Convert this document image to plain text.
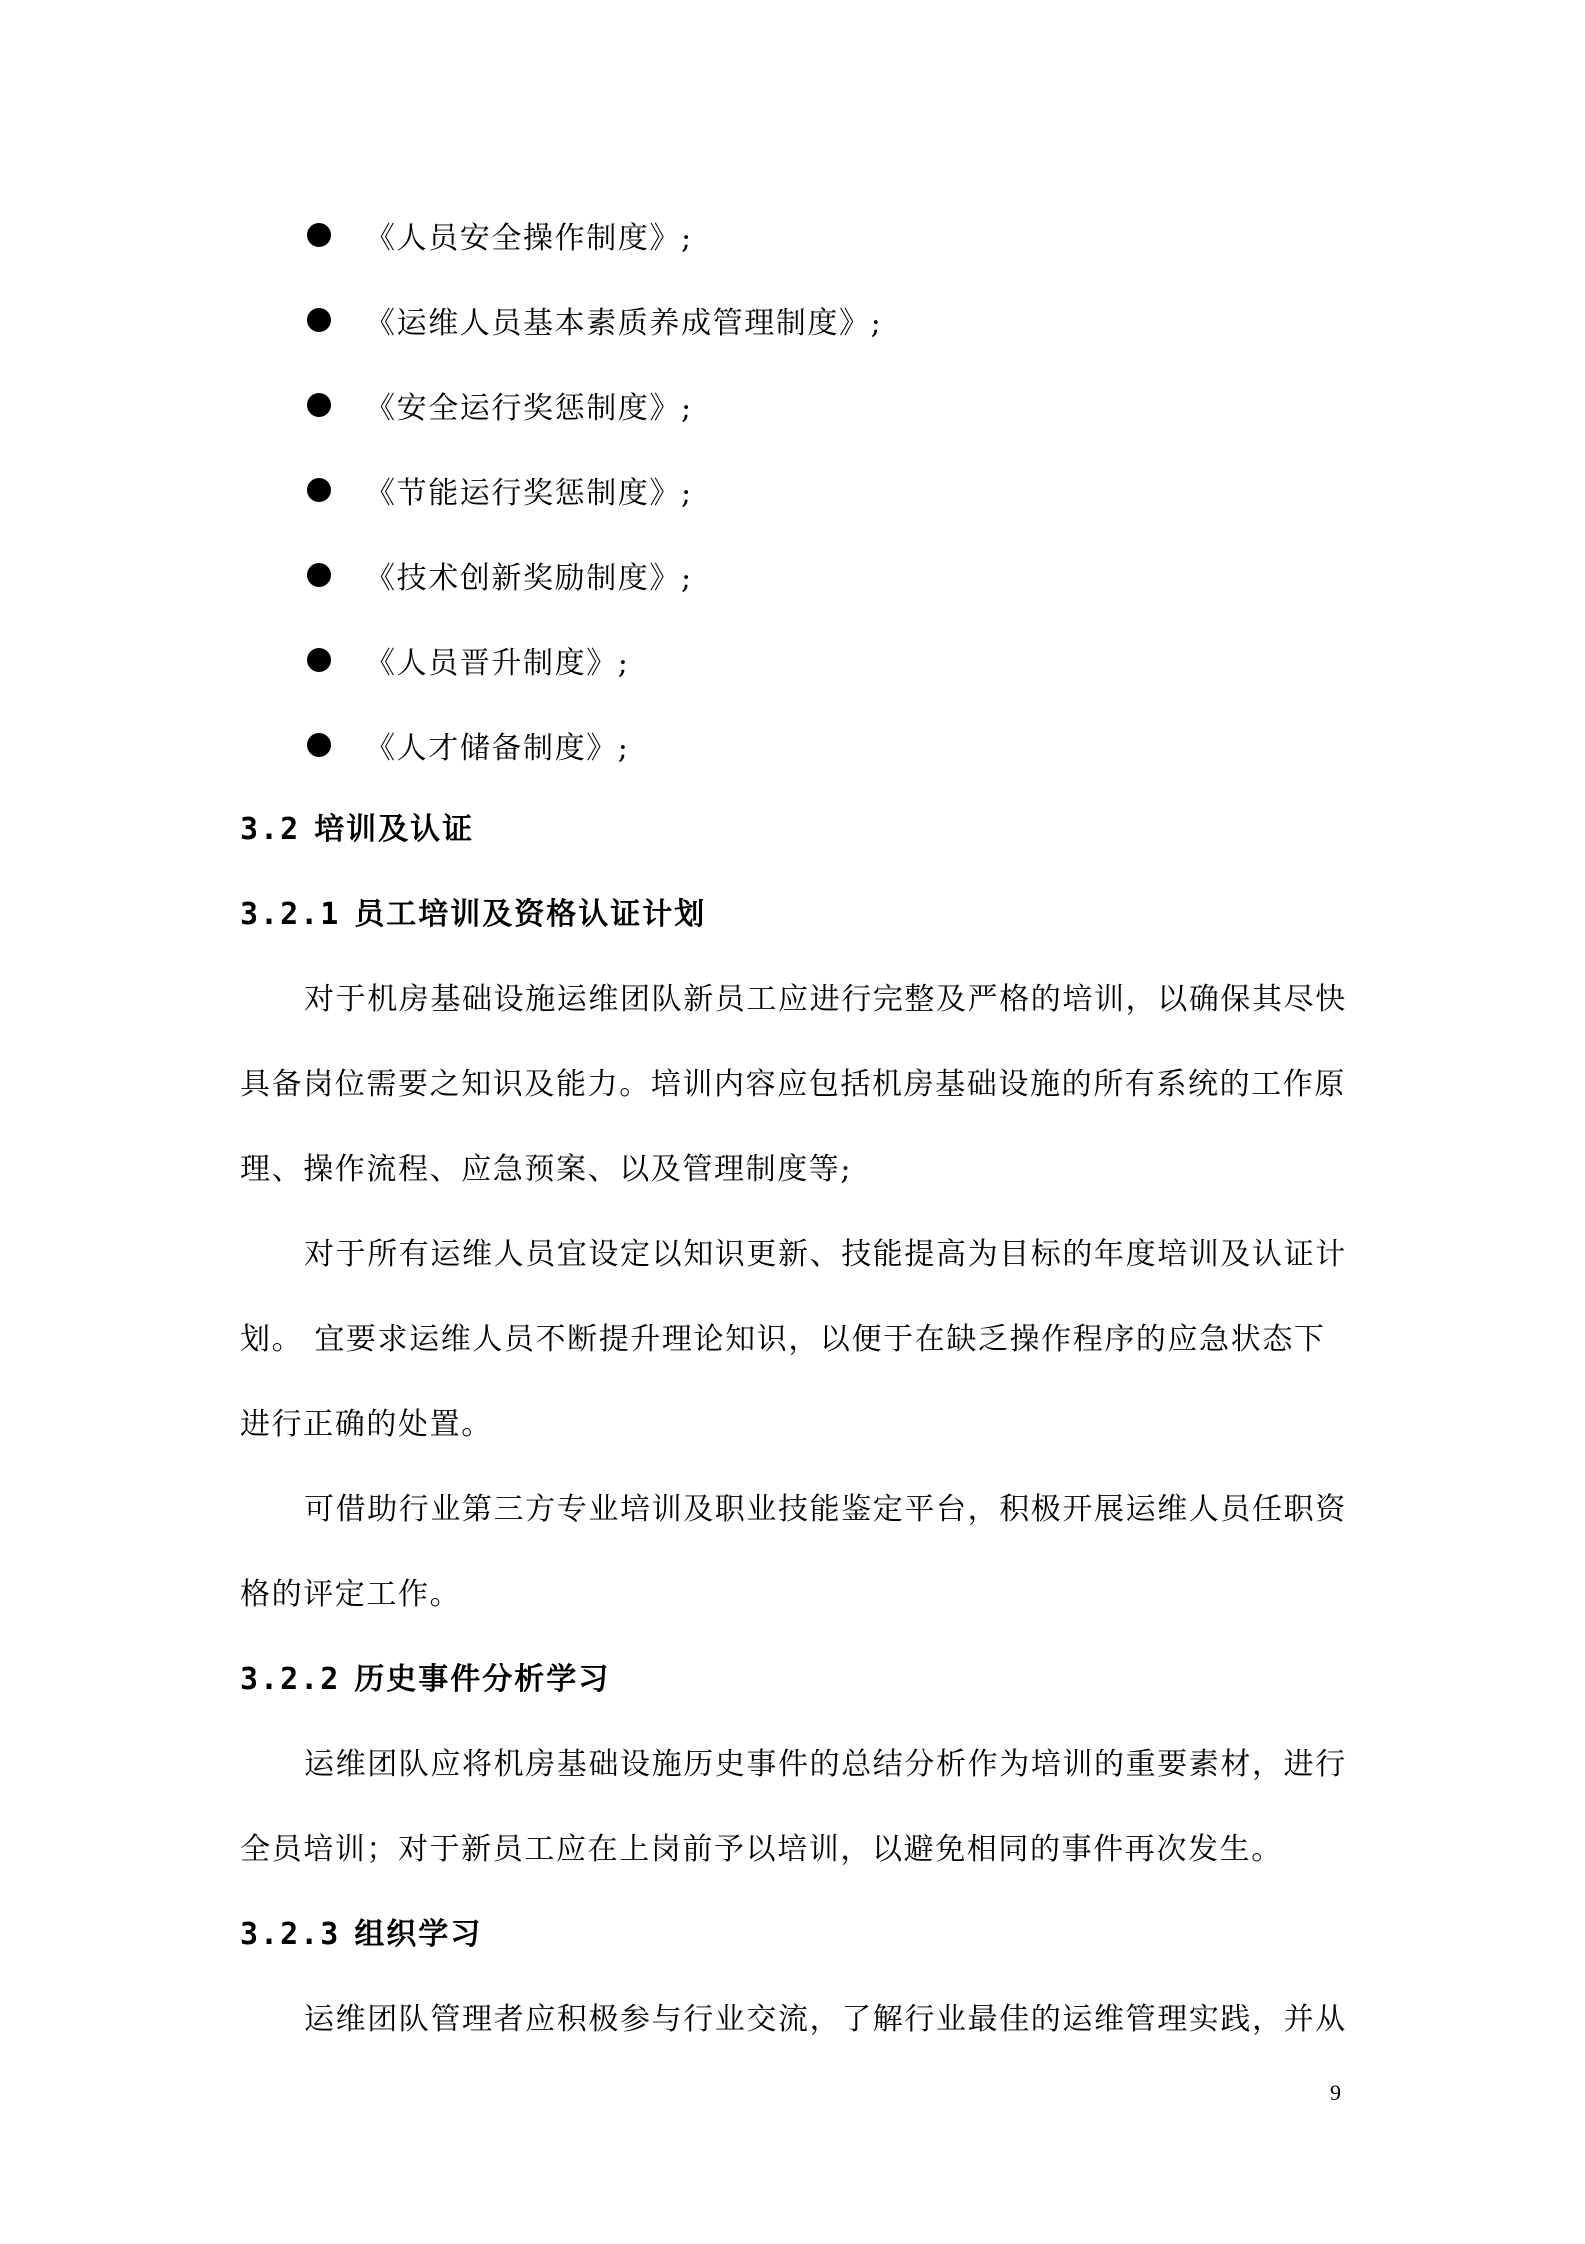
《人员安全操作制度》;
《运维人员基本素质养成管理制度》;
《安全运行奖惩制度》;
《节能运行奖惩制度》;
《技术创新奖励制度》;
《人员晋升制度》;
《人才储备制度》;
3.2 培训及认证
3.2.1 员工培训及资格认证计划
对于机房基础设施运维团队新员工应进行完整及严格的培训，以确保其尽快
具备岗位需要之知识及能力。培训内容应包括机房基础设施的所有系统的工作原
理、操作流程、应急预案、以及管理制度等;
对于所有运维人员宜设定以知识更新、技能提高为目标的年度培训及认证计
划。 宜要求运维人员不断提升理论知识，以便于在缺乏操作程序的应急状态下
进行正确的处置。
可借助行业第三方专业培训及职业技能鉴定平台，积极开展运维人员任职资
格的评定工作。
3.2.2 历史事件分析学习
运维团队应将机房基础设施历史事件的总结分析作为培训的重要素材，进行
全员培训；对于新员工应在上岗前予以培训，以避免相同的事件再次发生。
3.2.3 组织学习
运维团队管理者应积极参与行业交流，了解行业最佳的运维管理实践，并从
9
